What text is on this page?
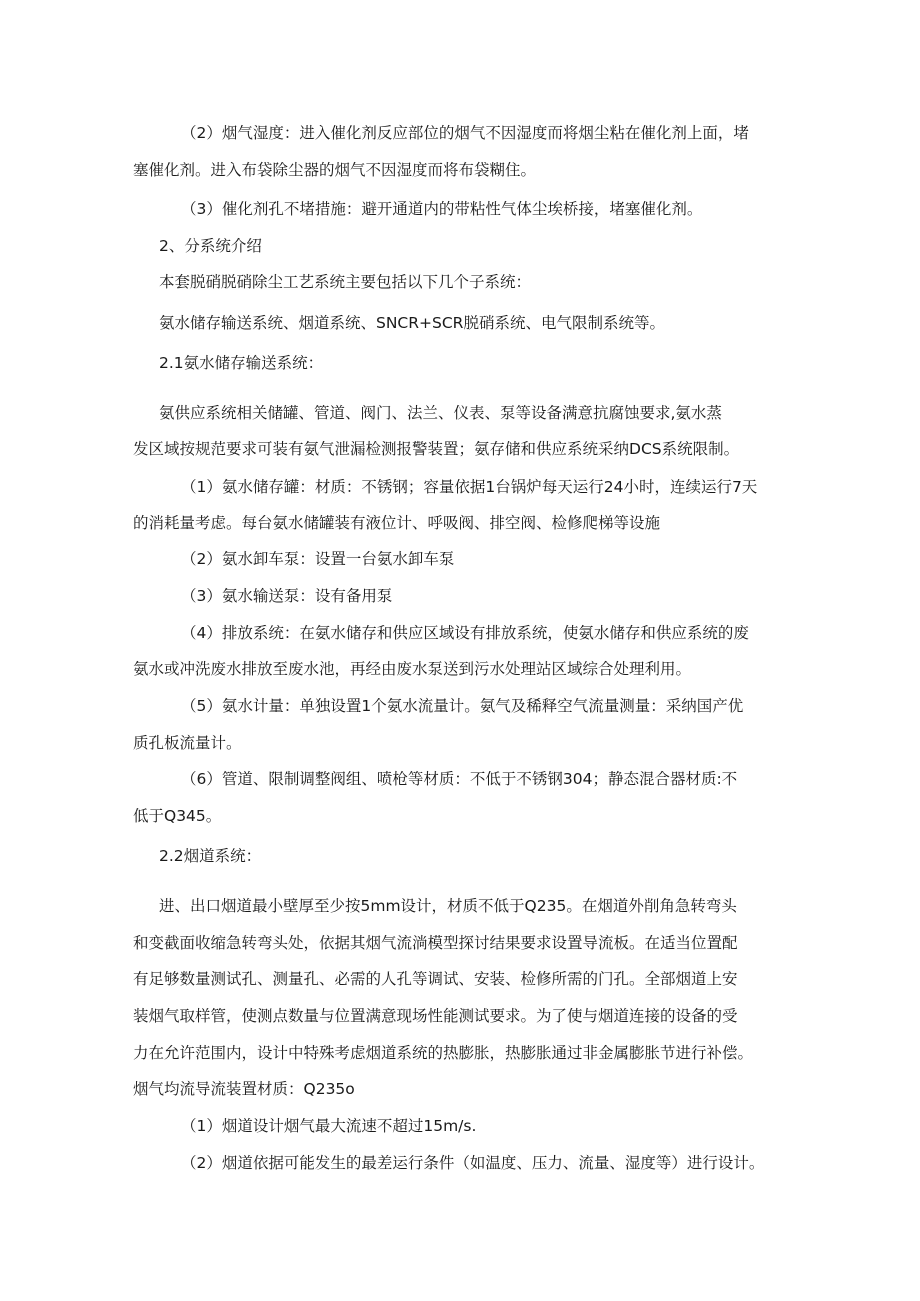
（2）烟气湿度：进入催化剂反应部位的烟气不因湿度而将烟尘粘在催化剂上面，堵

塞催化剂。进入布袋除尘器的烟气不因湿度而将布袋糊住。

（3）催化剂孔不堵措施：避开通道内的带粘性气体尘埃桥接，堵塞催化剂。

2、分系统介绍

本套脱硝脱硝除尘工艺系统主要包括以下几个子系统：

氨水储存输送系统、烟道系统、SNCR+SCR脱硝系统、电气限制系统等。

2.1氨水储存输送系统：

氨供应系统相关储罐、管道、阀门、法兰、仪表、泵等设备满意抗腐蚀要求,氨水蒸

发区域按规范要求可装有氨气泄漏检测报警装置；氨存储和供应系统采纳DCS系统限制。

（1）氨水储存罐：材质：不锈钢；容量依据1台锅炉每天运行24小时，连续运行7天

的消耗量考虑。每台氨水储罐装有液位计、呼吸阀、排空阀、检修爬梯等设施

（2）氨水卸车泵：设置一台氨水卸车泵

（3）氨水输送泵：设有备用泵

（4）排放系统：在氨水储存和供应区域设有排放系统，使氨水储存和供应系统的废

氨水或冲洗废水排放至废水池，再经由废水泵送到污水处理站区域综合处理利用。

（5）氨水计量：单独设置1个氨水流量计。氨气及稀释空气流量测量：采纳国产优

质孔板流量计。

（6）管道、限制调整阀组、喷枪等材质：不低于不锈钢304；静态混合器材质:不

低于Q345。

2.2烟道系统：

进、出口烟道最小壁厚至少按5mm设计，材质不低于Q235。在烟道外削角急转弯头

和变截面收缩急转弯头处，依据其烟气流淌模型探讨结果要求设置导流板。在适当位置配

有足够数量测试孔、测量孔、必需的人孔等调试、安装、检修所需的门孔。全部烟道上安

装烟气取样管，使测点数量与位置满意现场性能测试要求。为了使与烟道连接的设备的受

力在允许范围内，设计中特殊考虑烟道系统的热膨胀，热膨胀通过非金属膨胀节进行补偿。

烟气均流导流装置材质：Q235o

（1）烟道设计烟气最大流速不超过15m/s.

（2）烟道依据可能发生的最差运行条件（如温度、压力、流量、湿度等）进行设计。
